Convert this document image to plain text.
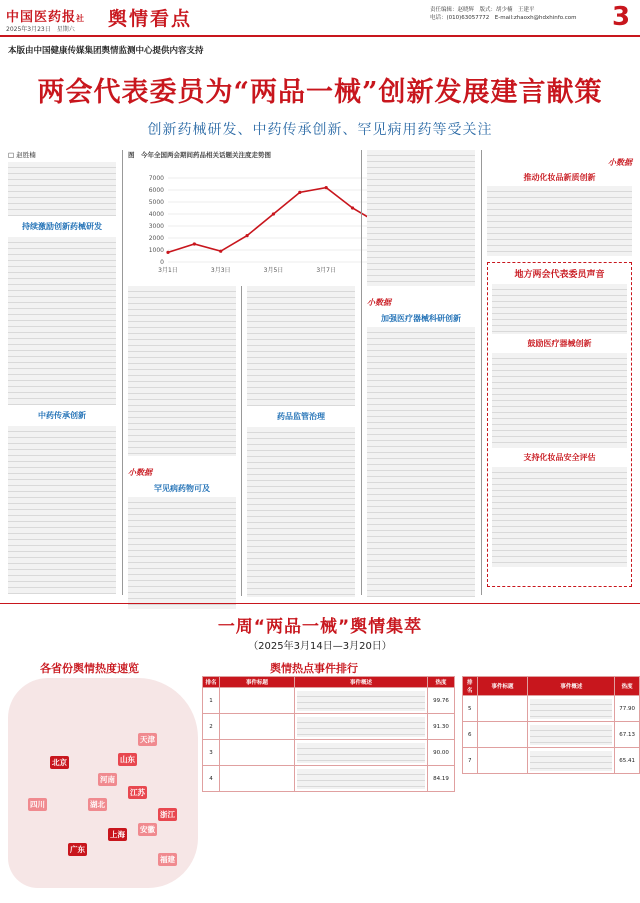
中国医药报社
2025年3月23日　星期六 舆情看点	责任编辑：赵晓辉　版式：胡少楠　王建平
电话：(010)63057772　E-mail:zhaoxh@hdxhinfo.com 3
本版由中国健康传媒集团舆情监测中心提供内容支持
两会代表委员为“两品一械”创新发展建言献策
创新药械研发、中药传承创新、罕见病用药等受关注
□ 赵胜楠
持续激励创新药械研发
中药传承创新
图　今年全国两会期间药品相关话题关注度走势图
0
1000
2000
3000
4000
5000
6000
7000
3月1日	3月3日	3月5日	3月7日
小数据
罕见病药物可及
药品监管治理
小数据
加强医疗器械科研创新
小数据
推动化妆品新质创新
地方两会代表委员声音
鼓励医疗器械创新
支持化妆品安全评估
一周“两品一械”舆情集萃
（2025年3月14日—3月20日）
各省份舆情热度速览
北京
上海
广东
江苏
浙江
山东
四川	湖北
安徽
河南
福建
天津
舆情热点事件排行
排名	事件标题	事件概述	热度
1			99.76
2			91.30
3			90.00
4			84.19
排名	事件标题	事件概述	热度
5			77.90
6			67.13
7			65.41
